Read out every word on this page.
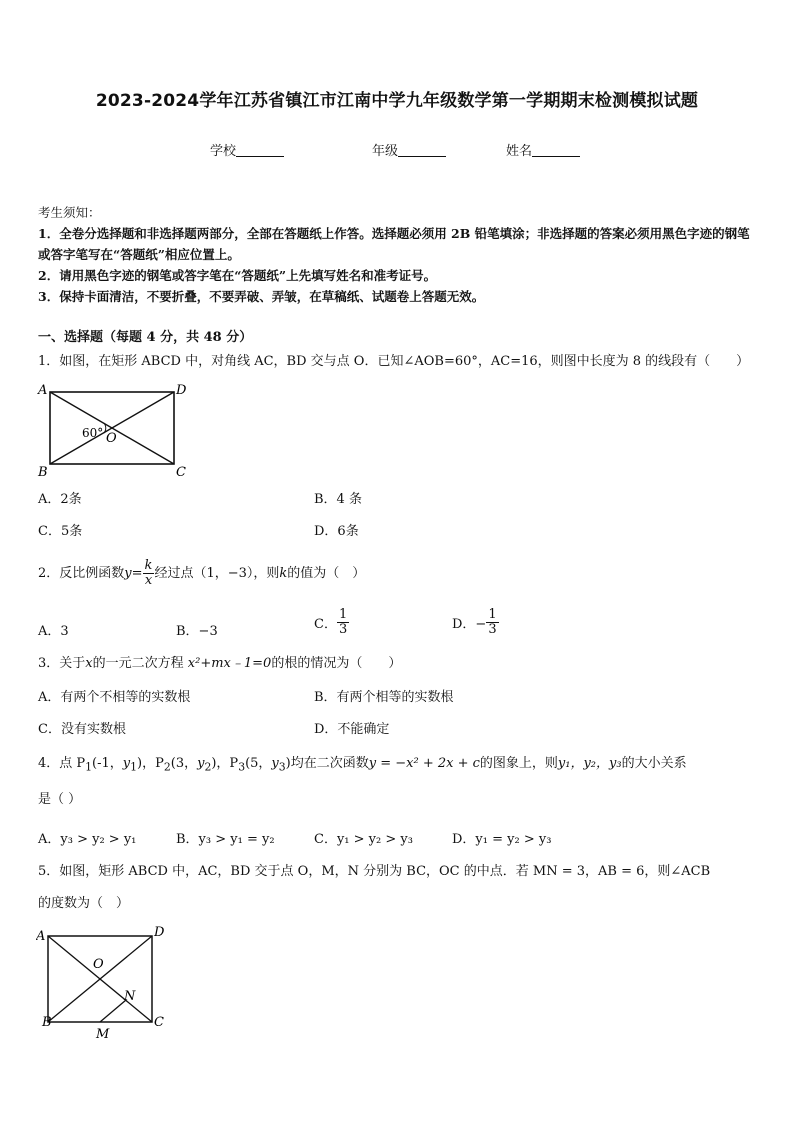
2023-2024学年江苏省镇江市江南中学九年级数学第一学期期末检测模拟试题
学校	年级	姓名
考生须知：
1．全卷分选择题和非选择题两部分，全部在答题纸上作答。选择题必须用 2B 铅笔填涂；非选择题的答案必须用黑色字迹的钢笔或答字笔写在“答题纸”相应位置上。
2．请用黑色字迹的钢笔或答字笔在“答题纸”上先填写姓名和准考证号。
3．保持卡面清洁，不要折叠，不要弄破、弄皱，在草稿纸、试题卷上答题无效。
一、选择题（每题 4 分，共 48 分）
1．如图，在矩形 ABCD 中，对角线 AC，BD 交与点 O．已知∠AOB=60°，AC=16，则图中长度为 8 的线段有（　　）
A
B	C
D
O
60°
A．2条	B．4 条
C．5条	D．6条
2．反比例函数$y= \frac{k}{x}$ 经过点（1，−3），则k的值为（　）
A．3	B．−3	C． $\frac{1}{3}$	D．− $\frac{1}{3}$
3．关于x的一元二次方程 x²+mx﹣1=0的根的情况为（　　）
A．有两个不相等的实数根	B．有两个相等的实数根
C．没有实数根	D．不能确定
4．点 $P_1(-1$，$y_1$)，$P_2(3$，$y_2$)，$P_3(5$，$y_3$)均在二次函数y = −x² + 2x + c的图象上，则y₁，y₂，y₃的大小关系
是（ ）
A．y₃ > y₂ > y₁	B．y₃ > y₁ = y₂	C．y₁ > y₂ > y₃	D．y₁ = y₂ > y₃
5．如图，矩形 ABCD 中，AC，BD 交于点 O，M，N 分别为 BC，OC 的中点．若 MN = 3，AB = 6，则∠ACB
的度数为（　）
A
B	C
D
O
M
N
